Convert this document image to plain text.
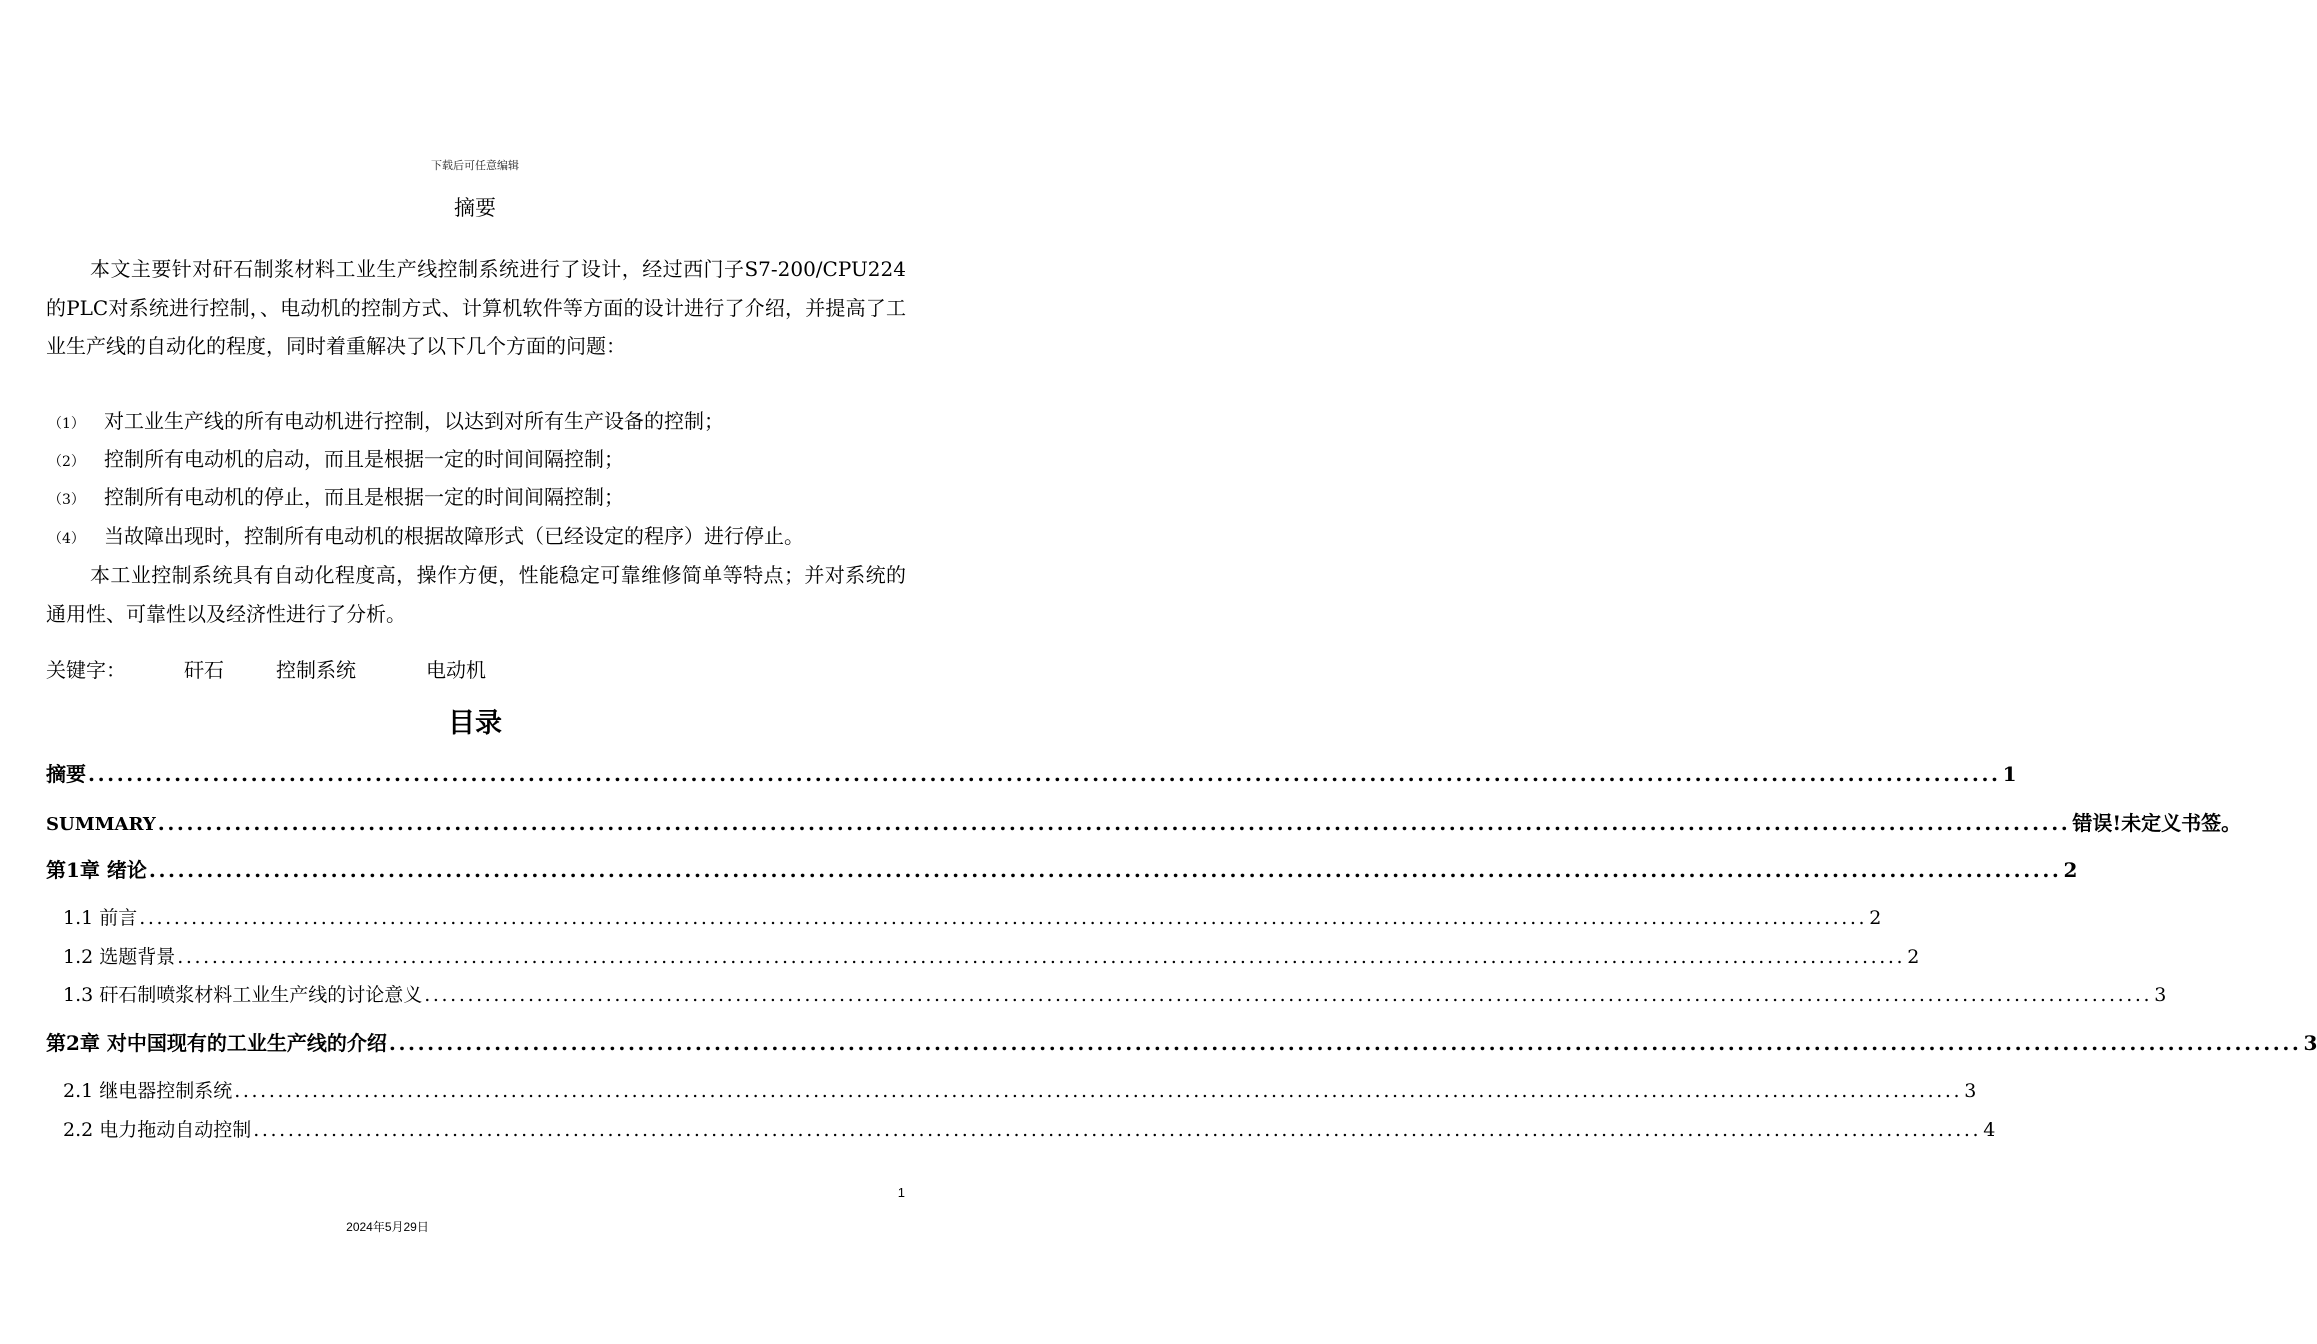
下载后可任意编辑
摘要
本文主要针对矸石制浆材料工业生产线控制系统进行了设计，经过西门子S7-200/CPU224的PLC对系统进行控制，、电动机的控制方式、计算机软件等方面的设计进行了介绍，并提高了工业生产线的自动化的程度，同时着重解决了以下几个方面的问题：
（1） 对工业生产线的所有电动机进行控制，以达到对所有生产设备的控制；
（2） 控制所有电动机的启动，而且是根据一定的时间间隔控制；
（3） 控制所有电动机的停止，而且是根据一定的时间间隔控制；
（4） 当故障出现时，控制所有电动机的根据故障形式（已经设定的程序）进行停止。
本工业控制系统具有自动化程度高，操作方便，性能稳定可靠维修简单等特点；并对系统的通用性、可靠性以及经济性进行了分析。
关键字：	矸石	控制系统	电动机
目录
摘要 ........................................................................................................................................................................................................ 1
SUMMARY ........................................................................................................................................................................................................ 错误!未定义书签。
第1章 绪论 ........................................................................................................................................................................................................ 2
1.1 前言 ........................................................................................................................................................................................................ 2
1.2 选题背景 ........................................................................................................................................................................................................ 2
1.3 矸石制喷浆材料工业生产线的讨论意义 ........................................................................................................................................................................................................ 3
第2章 对中国现有的工业生产线的介绍 ........................................................................................................................................................................................................ 3
2.1 继电器控制系统 ........................................................................................................................................................................................................ 3
2.2 电力拖动自动控制 ........................................................................................................................................................................................................ 4
1
2024年5月29日
